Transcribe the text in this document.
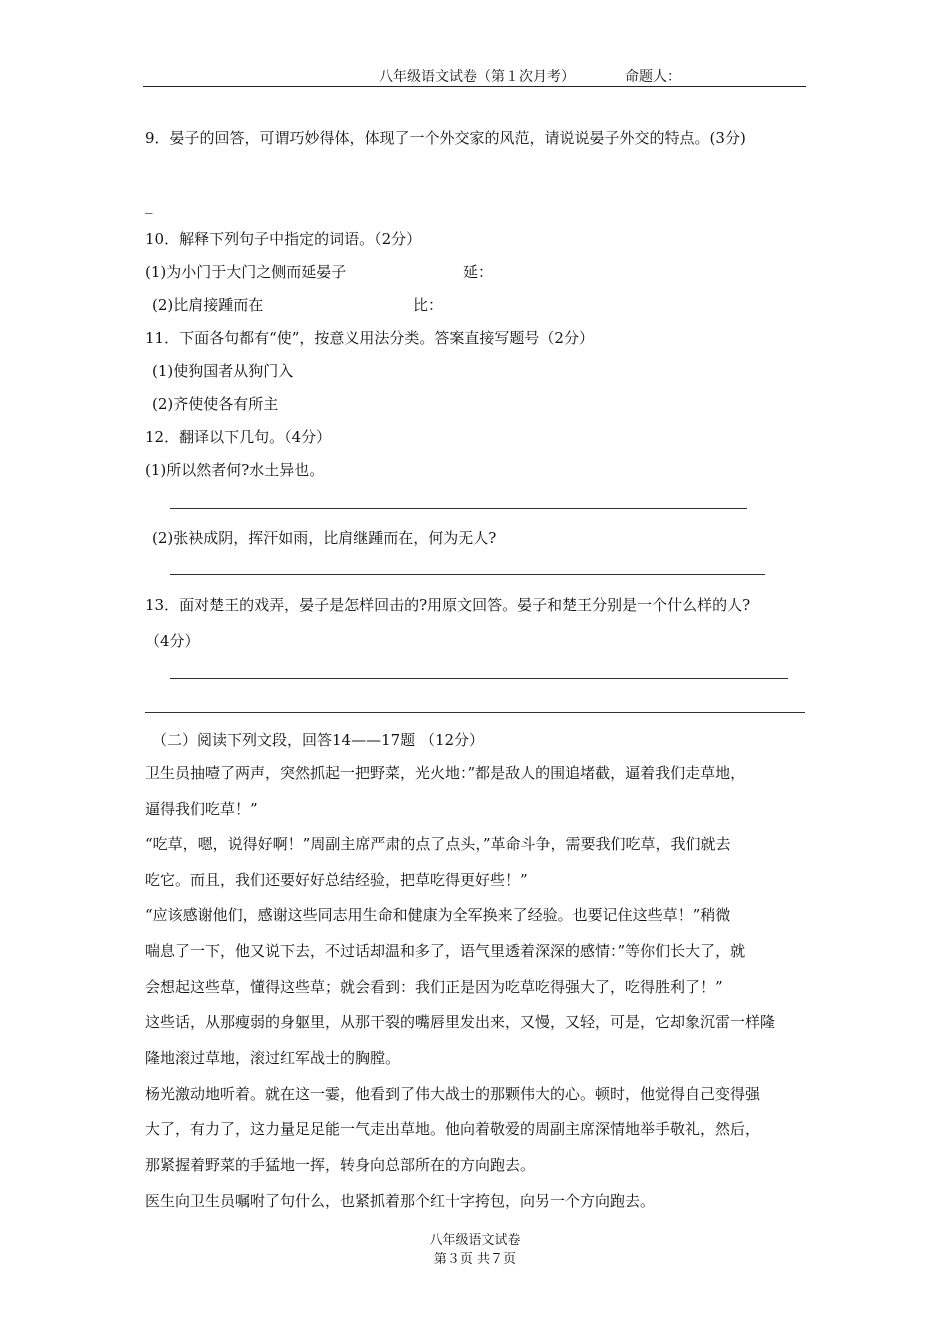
八年级语文试卷（第１次月考）	命题人：
9．晏子的回答，可谓巧妙得体，体现了一个外交家的风范，请说说晏子外交的特点。(3分)
_
10．解释下列句子中指定的词语。（2分）
(1)为小门于大门之侧而延晏子	延：
(2)比肩接踵而在	比：
11．下面各句都有“使”，按意义用法分类。答案直接写题号（2分）
(1)使狗国者从狗门入
(2)齐使使各有所主
12．翻译以下几句。（4分）
(1)所以然者何?水土异也。
(2)张袂成阴，挥汗如雨，比肩继踵而在，何为无人?
13．面对楚王的戏弄，晏子是怎样回击的?用原文回答。晏子和楚王分别是一个什么样的人?
（4分）
（二）阅读下列文段，回答14——17题 （12分）
卫生员抽噎了两声，突然抓起一把野菜，光火地：”都是敌人的围追堵截，逼着我们走草地，
逼得我们吃草！”
“吃草，嗯，说得好啊！”周副主席严肃的点了点头，”革命斗争，需要我们吃草，我们就去
吃它。而且，我们还要好好总结经验，把草吃得更好些！”
“应该感谢他们，感谢这些同志用生命和健康为全军换来了经验。也要记住这些草！”稍微
喘息了一下，他又说下去，不过话却温和多了，语气里透着深深的感情：”等你们长大了，就
会想起这些草，懂得这些草；就会看到：我们正是因为吃草吃得强大了，吃得胜利了！”
这些话，从那瘦弱的身躯里，从那干裂的嘴唇里发出来，又慢，又轻，可是，它却象沉雷一样隆
隆地滚过草地，滚过红军战士的胸膛。
杨光激动地听着。就在这一霎，他看到了伟大战士的那颗伟大的心。顿时，他觉得自己变得强
大了，有力了，这力量足足能一气走出草地。他向着敬爱的周副主席深情地举手敬礼，然后，
那紧握着野菜的手猛地一挥，转身向总部所在的方向跑去。
医生向卫生员嘱咐了句什么，也紧抓着那个红十字挎包，向另一个方向跑去。
八年级语文试卷
第３页 共７页
